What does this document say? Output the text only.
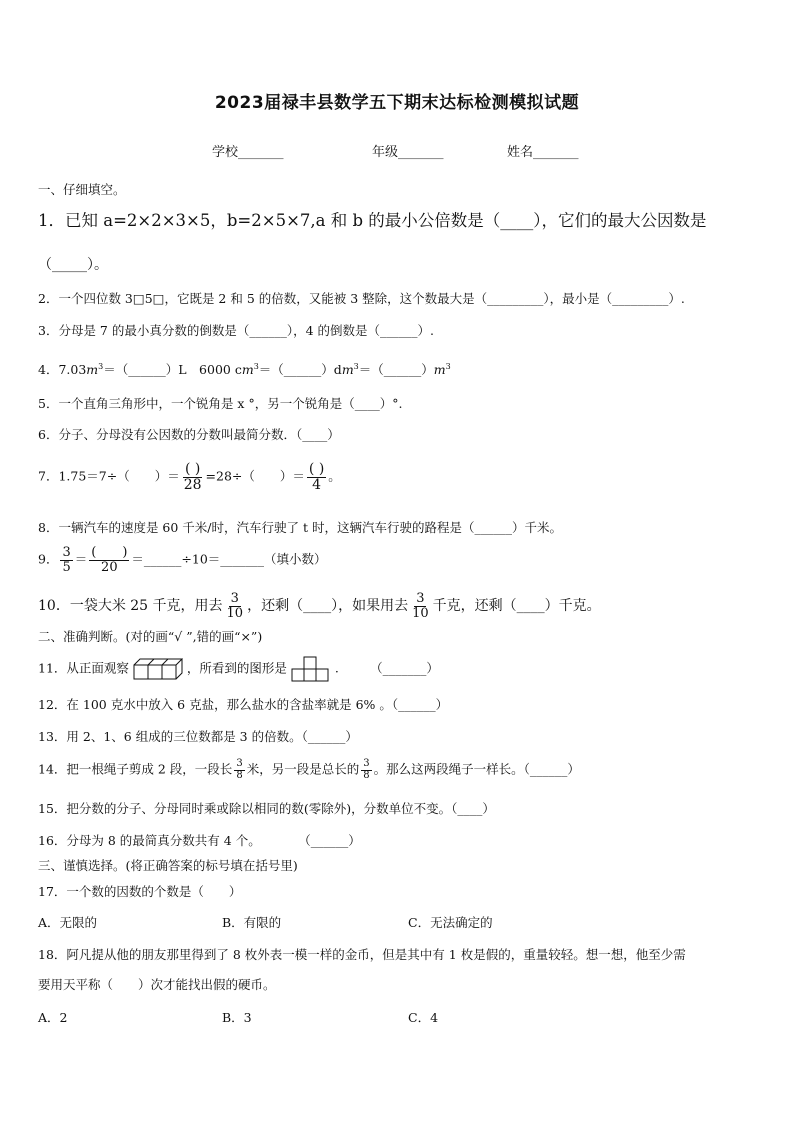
2023届禄丰县数学五下期末达标检测模拟试题
学校_______	年级_______	姓名_______
一、仔细填空。
1．已知 a=2×2×3×5，b=2×5×7,a 和 b 的最小公倍数是（____），它们的最大公因数是
（_____）。
2．一个四位数 3□5□，它既是 2 和 5 的倍数，又能被 3 整除，这个数最大是（_________），最小是（_________）.
3．分母是 7 的最小真分数的倒数是（______），4 的倒数是（______）.
4．$7.03m^3=(\_\_\_\_\_\_)L$　6000 $cm^3=(\_\_\_\_\_\_)dm^3=(\_\_\_\_\_\_)m^3$
5．一个直角三角形中，一个锐角是 x °，另一个锐角是（____）°.
6．分子、分母没有公因数的分数叫最简分数．（____）
7．1.75＝7÷（　　）＝ $\frac{( )}{28} =28\div$（　　）＝ $\frac{( )}{4}$ 。
8．一辆汽车的速度是 60 千米/时，汽车行驶了 t 时，这辆汽车行驶的路程是（______）千米。
9． $\frac{3}{5} = \frac{( )}{20}$ ＝______÷10＝_______（填小数）
10．一袋大米 25 千克，用去 $\frac{3}{10}$ ，还剩（____），如果用去 $\frac{3}{10}$ 千克，还剩（____）千克。
二、准确判断。(对的画“√ ”,错的画“×”)
11．从正面观察	，所看到的图形是	.　　　（_______）
12．在 100 克水中放入 6 克盐，那么盐水的含盐率就是 6% 。（______）
13．用 2、1、6 组成的三位数都是 3 的倍数。（______）
14．把一根绳子剪成 2 段，一段长 $\frac{3}{8}$ 米，另一段是总长的 $\frac{3}{8}$ 。那么这两段绳子一样长。（______）
15．把分数的分子、分母同时乘或除以相同的数(零除外)，分数单位不变。（____）
16．分母为 8 的最简真分数共有 4 个。　　　　（______）
三、谨慎选择。(将正确答案的标号填在括号里)
17．一个数的因数的个数是（　　）
A．无限的	B．有限的	C．无法确定的
18．阿凡提从他的朋友那里得到了 8 枚外表一模一样的金币，但是其中有 1 枚是假的，重量较轻。想一想，他至少需
要用天平称（　　）次才能找出假的硬币。
A．2	B．3	C．4
